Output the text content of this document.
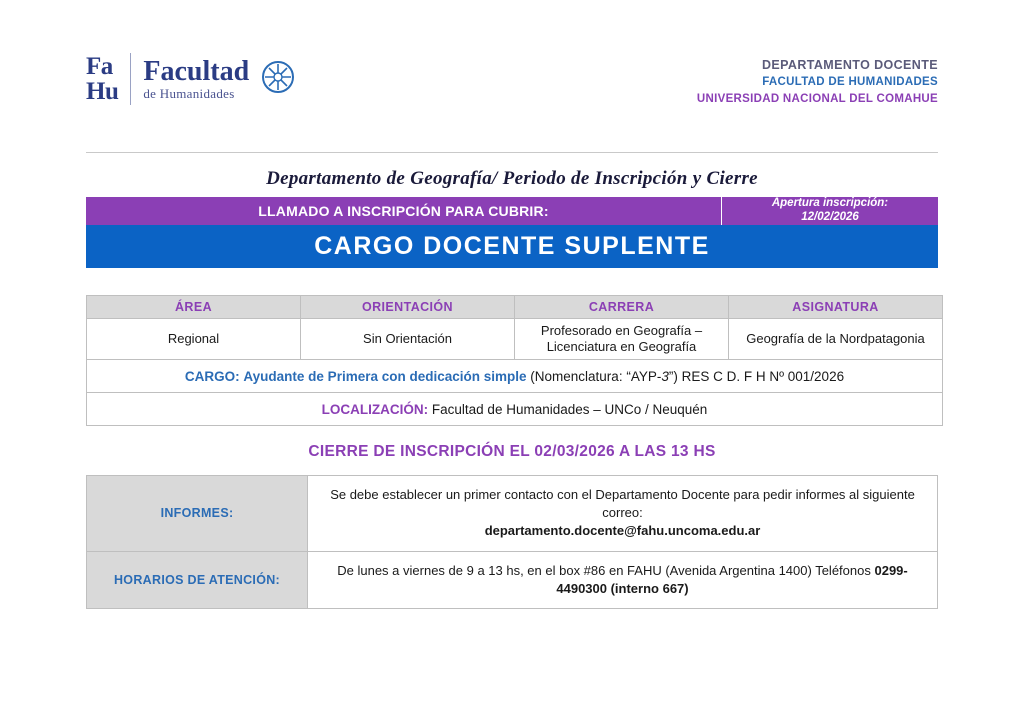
Fa
Hu
Facultad
de Humanidades
DEPARTAMENTO DOCENTE
FACULTAD DE HUMANIDADES
UNIVERSIDAD NACIONAL DEL COMAHUE
Departamento de Geografía/ Periodo de Inscripción y Cierre
LLAMADO A INSCRIPCIÓN PARA CUBRIR:	Apertura inscripción:
12/02/2026
CARGO DOCENTE SUPLENTE
ÁREA	ORIENTACIÓN	CARRERA	ASIGNATURA
Regional	Sin Orientación	Profesorado en Geografía – Licenciatura en Geografía	Geografía de la Nordpatagonia
CARGO: Ayudante de Primera con dedicación simple (Nomenclatura: “AYP-3”) RES C D. F H Nº 001/2026			
LOCALIZACIÓN: Facultad de Humanidades – UNCo / Neuquén			
CIERRE DE INSCRIPCIÓN EL 02/03/2026 A LAS 13 HS
INFORMES:	Se debe establecer un primer contacto con el Departamento Docente para pedir informes al siguiente correo:
departamento.docente@fahu.uncoma.edu.ar
HORARIOS DE ATENCIÓN:	De lunes a viernes de 9 a 13 hs, en el box #86 en FAHU (Avenida Argentina 1400) Teléfonos 0299-4490300 (interno 667)
